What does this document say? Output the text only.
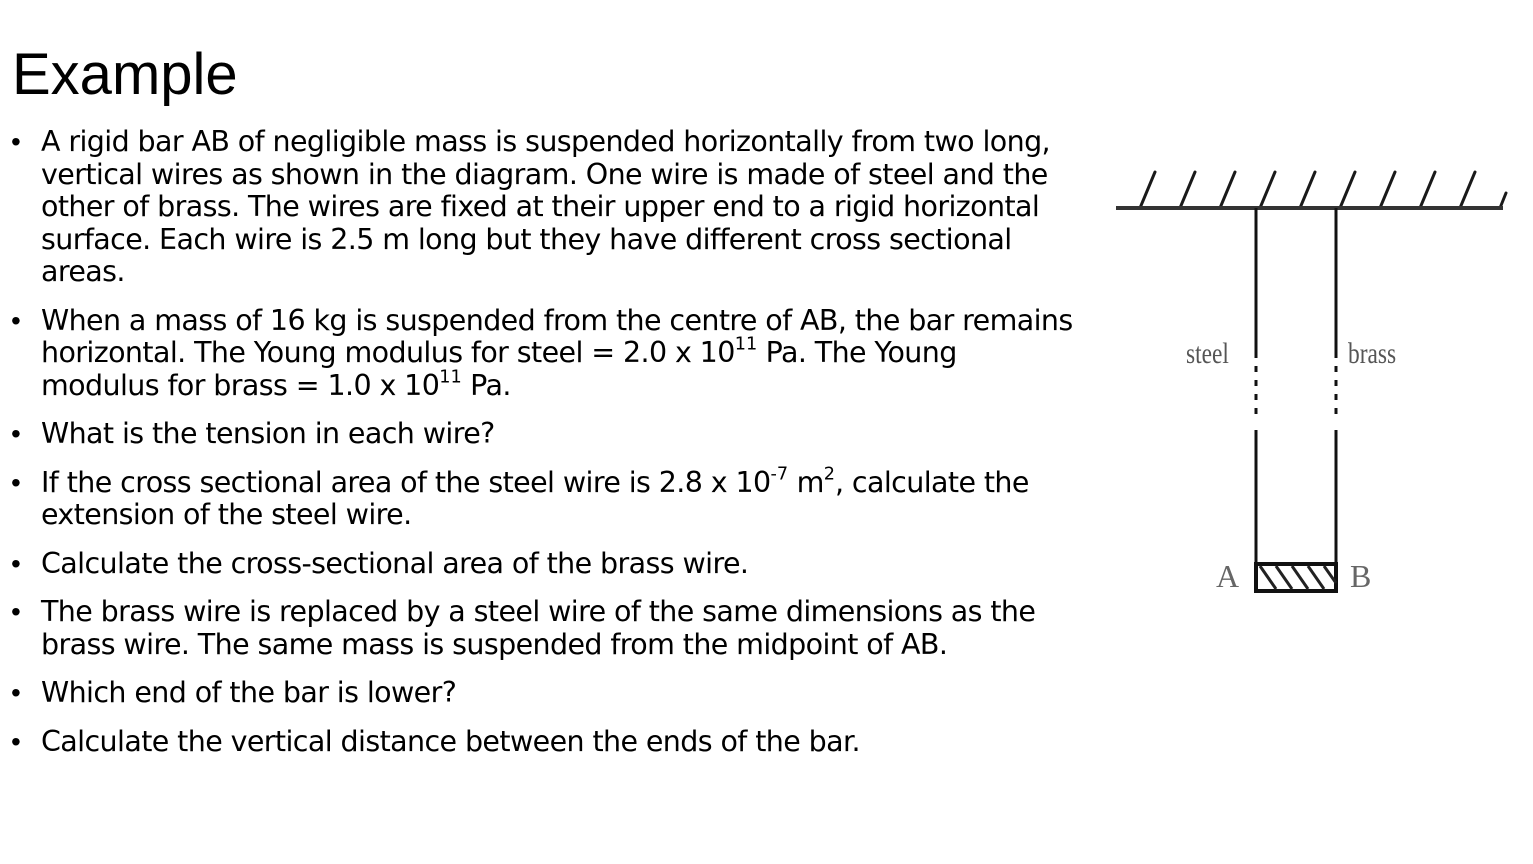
Example
• A rigid bar AB of negligible mass is suspended horizontally from two long, vertical wires as shown in the diagram. One wire is made of steel and the other of brass. The wires are fixed at their upper end to a rigid horizontal surface. Each wire is 2.5 m long but they have different cross sectional areas.
• When a mass of 16 kg is suspended from the centre of AB, the bar remains horizontal. The Young modulus for steel = 2.0 x $10^{11}$ Pa. The Young modulus for brass = 1.0 x $10^{11}$ Pa.
• What is the tension in each wire?
• If the cross sectional area of the steel wire is 2.8 x $10^{-7}$ $m^2$, calculate the extension of the steel wire.
• Calculate the cross-sectional area of the brass wire.
• The brass wire is replaced by a steel wire of the same dimensions as the brass wire. The same mass is suspended from the midpoint of AB.
• Which end of the bar is lower?
• Calculate the vertical distance between the ends of the bar.
steel	brass
A	B
